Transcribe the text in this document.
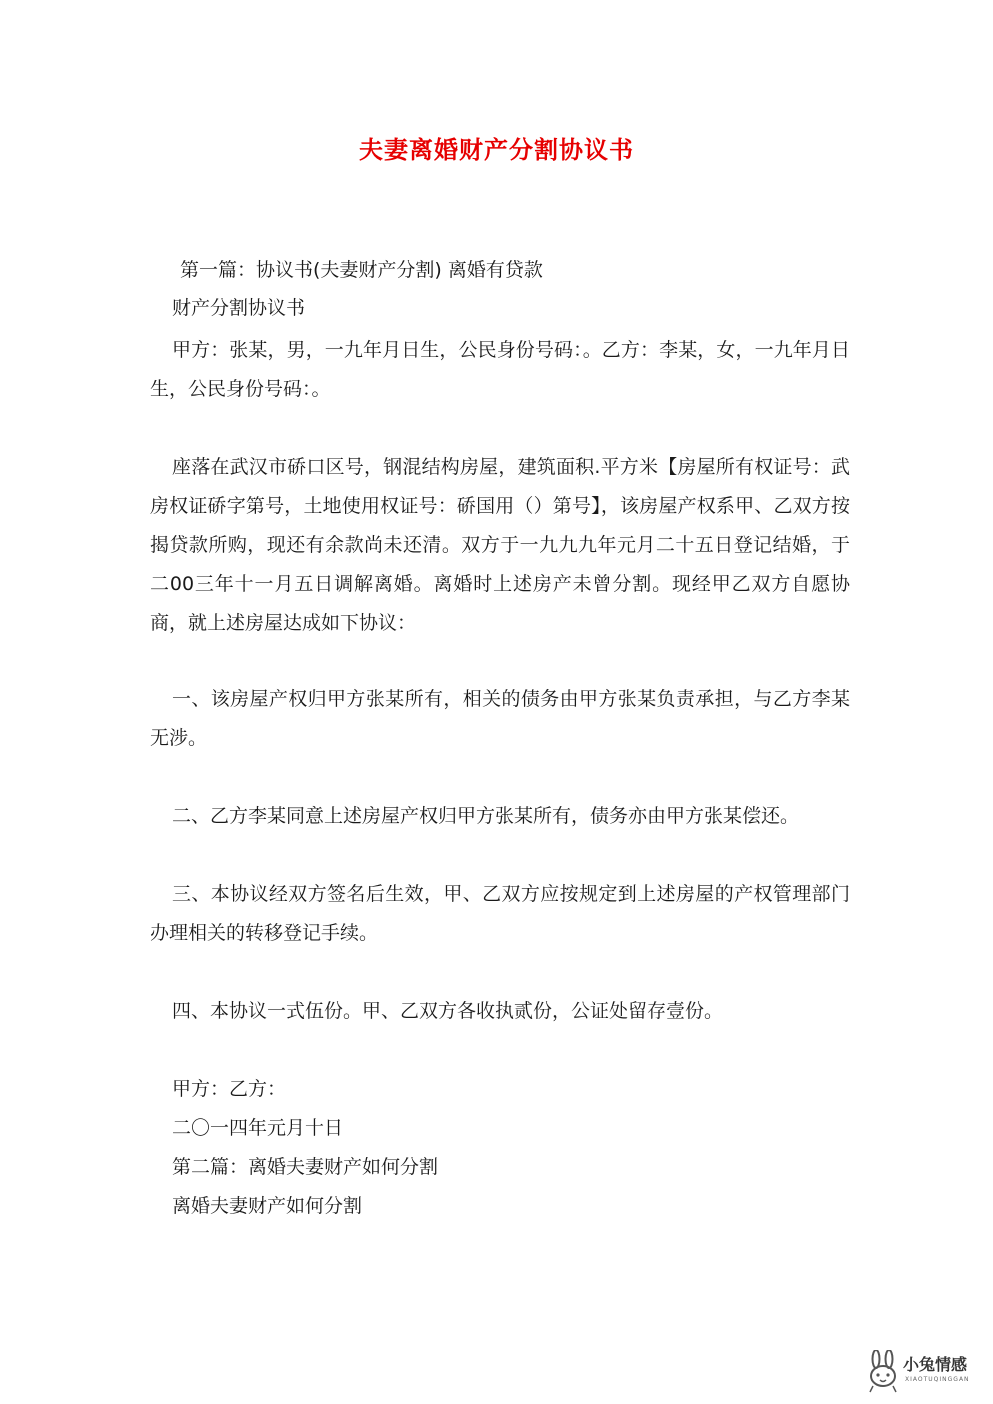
夫妻离婚财产分割协议书
第一篇：协议书(夫妻财产分割) 离婚有贷款
财产分割协议书
甲方：张某，男，一九年月日生，公民身份号码：。乙方：李某，女，一九年月日生，公民身份号码：。
座落在武汉市硚口区号，钢混结构房屋，建筑面积.平方米【房屋所有权证号：武房权证硚字第号，土地使用权证号：硚国用（）第号】，该房屋产权系甲、乙双方按揭贷款所购，现还有余款尚未还清。双方于一九九九年元月二十五日登记结婚，于二00三年十一月五日调解离婚。离婚时上述房产未曾分割。现经甲乙双方自愿协商，就上述房屋达成如下协议：
一、该房屋产权归甲方张某所有，相关的债务由甲方张某负责承担，与乙方李某无涉。
二、乙方李某同意上述房屋产权归甲方张某所有，债务亦由甲方张某偿还。
三、本协议经双方签名后生效，甲、乙双方应按规定到上述房屋的产权管理部门办理相关的转移登记手续。
四、本协议一式伍份。甲、乙双方各收执贰份，公证处留存壹份。
甲方：乙方：
二〇一四年元月十日
第二篇：离婚夫妻财产如何分割
离婚夫妻财产如何分割
小兔情感
XIAOTUQINGGAN
